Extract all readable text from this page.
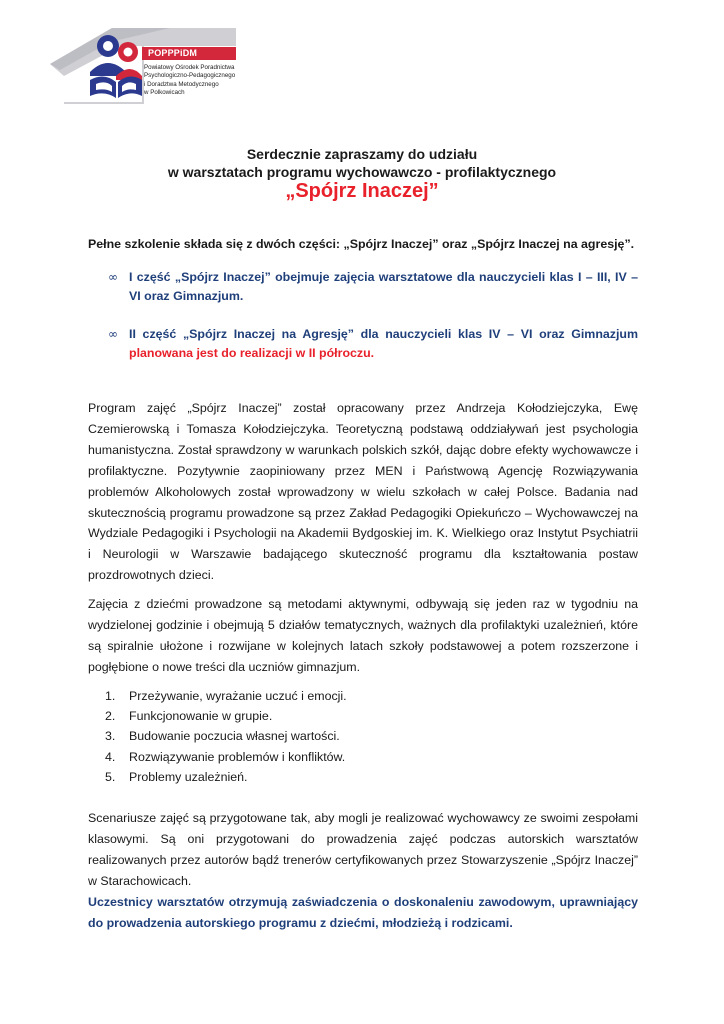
POPPPiDM
Powiatowy Ośrodek Poradnictwa
Psychologiczno-Pedagogicznego
i Doradztwa Metodycznego
w Polkowicach
Serdecznie zapraszamy do udziału
w warsztatach programu wychowawczo - profilaktycznego
„Spójrz Inaczej”
Pełne szkolenie składa się z dwóch części: „Spójrz Inaczej” oraz „Spójrz Inaczej na agresję”.
∞ I część „Spójrz Inaczej” obejmuje zajęcia warsztatowe dla nauczycieli klas I – III, IV – VI oraz Gimnazjum.
∞ II część „Spójrz Inaczej na Agresję” dla nauczycieli klas IV – VI oraz Gimnazjum planowana jest do realizacji w II półroczu.

Program zajęć „Spójrz Inaczej” został opracowany przez Andrzeja Kołodziejczyka, Ewę Czemierowską i Tomasza Kołodziejczyka. Teoretyczną podstawą oddziaływań jest psychologia humanistyczna. Został sprawdzony w warunkach polskich szkół, dając dobre efekty wychowawcze i profilaktyczne. Pozytywnie zaopiniowany przez MEN i Państwową Agencję Rozwiązywania problemów Alkoholowych został wprowadzony w wielu szkołach w całej Polsce. Badania nad skutecznością programu prowadzone są przez Zakład Pedagogiki Opiekuńczo – Wychowawczej na Wydziale Pedagogiki i Psychologii na Akademii Bydgoskiej im. K. Wielkiego oraz Instytut Psychiatrii i Neurologii w Warszawie badającego skuteczność programu dla kształtowania postaw prozdrowotnych dzieci.

Zajęcia z dziećmi prowadzone są metodami aktywnymi, odbywają się jeden raz w tygodniu na wydzielonej godzinie i obejmują 5 działów tematycznych, ważnych dla profilaktyki uzależnień, które są spiralnie ułożone i rozwijane w kolejnych latach szkoły podstawowej a potem rozszerzone i pogłębione o nowe treści dla uczniów gimnazjum.

1. Przeżywanie, wyrażanie uczuć i emocji.
2. Funkcjonowanie w grupie.
3. Budowanie poczucia własnej wartości.
4. Rozwiązywanie problemów i konfliktów.
5. Problemy uzależnień.

Scenariusze zajęć są przygotowane tak, aby mogli je realizować wychowawcy ze swoimi zespołami klasowymi. Są oni przygotowani do prowadzenia zajęć podczas autorskich warsztatów realizowanych przez autorów bądź trenerów certyfikowanych przez Stowarzyszenie „Spójrz Inaczej” w Starachowicach.

Uczestnicy warsztatów otrzymują zaświadczenia o doskonaleniu zawodowym, uprawniający do prowadzenia autorskiego programu z dziećmi, młodzieżą i rodzicami.
